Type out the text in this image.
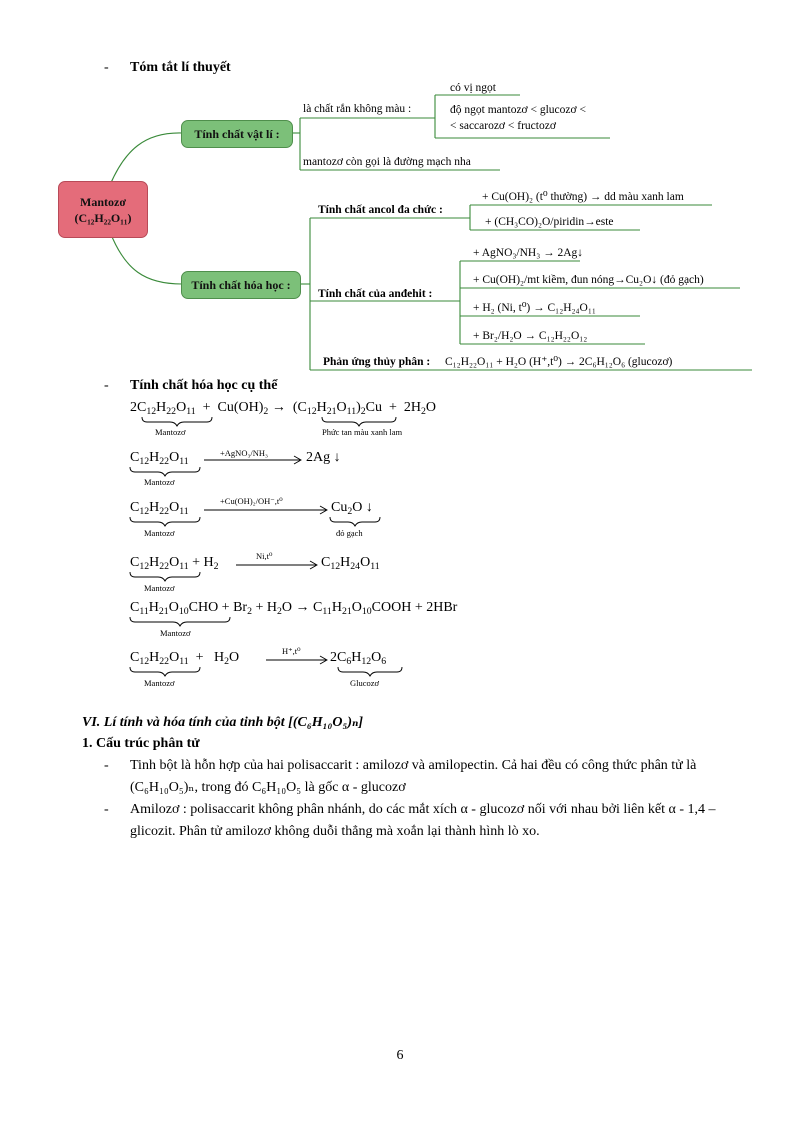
- Tóm tắt lí thuyết
Mantozơ
(C₁₂H₂₂O₁₁)
Tính chất vật lí :
Tính chất hóa học :
là chất rắn không màu :
có vị ngọt
độ ngọt mantozơ < glucozơ <
< saccarozơ < fructozơ
mantozơ còn gọi là đường mạch nha
Tính chất ancol đa chức :
+ Cu(OH)₂ (t⁰ thường) → dd màu xanh lam
+ (CH₃CO)₂O/piridin→este
Tính chất của anđehit :
+ AgNO₃/NH₃ → 2Ag↓
+ Cu(OH)₂/mt kiềm, đun nóng→Cu₂O↓ (đỏ gạch)
+ H₂ (Ni, t⁰) → C₁₂H₂₄O₁₁
+ Br₂/H₂O → C₁₂H₂₂O₁₂
Phản ứng thủy phân : C₁₂H₂₂O₁₁ + H₂O (H⁺,t⁰) → 2C₆H₁₂O₆ (glucozơ)
- Tính chất hóa học cụ thể
$2C_{12}H_{22}O_{11} + Cu(OH)_2 \to (C_{12}H_{21}O_{11})_2Cu + 2H_2O$
Mantozơ	Phức tan màu xanh lam
$C_{12}H_{22}O_{11}$	2Ag ↓
+AgNO₃/NH₃
Mantozơ
$C_{12}H_{22}O_{11}$	$Cu_2O$ ↓
+Cu(OH)₂/OH⁻,t⁰
Mantozơ	đỏ gạch
$C_{12}H_{22}O_{11} + H_2$	$C_{12}H_{24}O_{11}$
Ni,t⁰
Mantozơ
$C_{11}H_{21}O_{10}CHO + Br_2 + H_2O$ → $C_{11}H_{21}O_{10}COOH + 2HBr$
Mantozơ
$C_{12}H_{22}O_{11} + H_2O$	$2C_6H_{12}O_6$
H⁺,t⁰
Mantozơ	Glucozơ
VI. Lí tính và hóa tính của tinh bột [(C₆H₁₀O₅)ₙ]
1. Cấu trúc phân tử
- Tinh bột là hỗn hợp của hai polisaccarit : amilozơ và amilopectin. Cả hai đều có công thức phân tử là (C₆H₁₀O₅)ₙ, trong đó C₆H₁₀O₅ là gốc α - glucozơ
- Amilozơ : polisaccarit không phân nhánh, do các mắt xích α - glucozơ nối với nhau bởi liên kết α - 1,4 – glicozit. Phân tử amilozơ không duỗi thẳng mà xoắn lại thành hình lò xo.
6
